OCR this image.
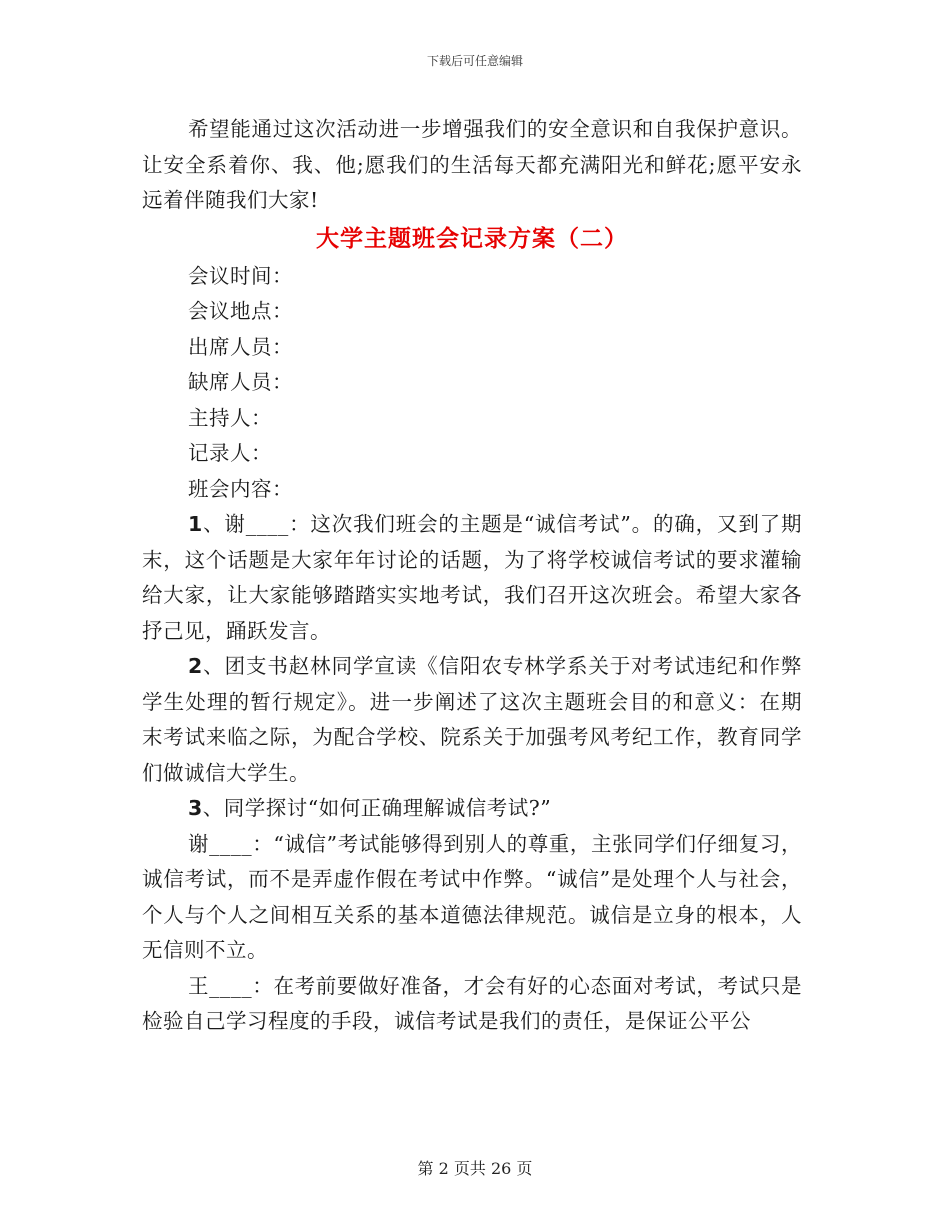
下载后可任意编辑

希望能通过这次活动进一步增强我们的安全意识和自我保护意识。让安全系着你、我、他;愿我们的生活每天都充满阳光和鲜花;愿平安永远着伴随我们大家!

大学主题班会记录方案（二）

会议时间：

会议地点：

出席人员：

缺席人员：

主持人：

记录人：

班会内容：

1、谢____：这次我们班会的主题是“诚信考试”。的确，又到了期末，这个话题是大家年年讨论的话题，为了将学校诚信考试的要求灌输给大家，让大家能够踏踏实实地考试，我们召开这次班会。希望大家各抒己见，踊跃发言。

2、团支书赵林同学宣读《信阳农专林学系关于对考试违纪和作弊学生处理的暂行规定》。进一步阐述了这次主题班会目的和意义：在期末考试来临之际，为配合学校、院系关于加强考风考纪工作，教育同学们做诚信大学生。

3、同学探讨“如何正确理解诚信考试?”

谢____：“诚信”考试能够得到别人的尊重，主张同学们仔细复习，诚信考试，而不是弄虚作假在考试中作弊。“诚信”是处理个人与社会，个人与个人之间相互关系的基本道德法律规范。诚信是立身的根本，人无信则不立。

王____：在考前要做好准备，才会有好的心态面对考试，考试只是检验自己学习程度的手段，诚信考试是我们的责任，是保证公平公

第 2 页共 26 页
